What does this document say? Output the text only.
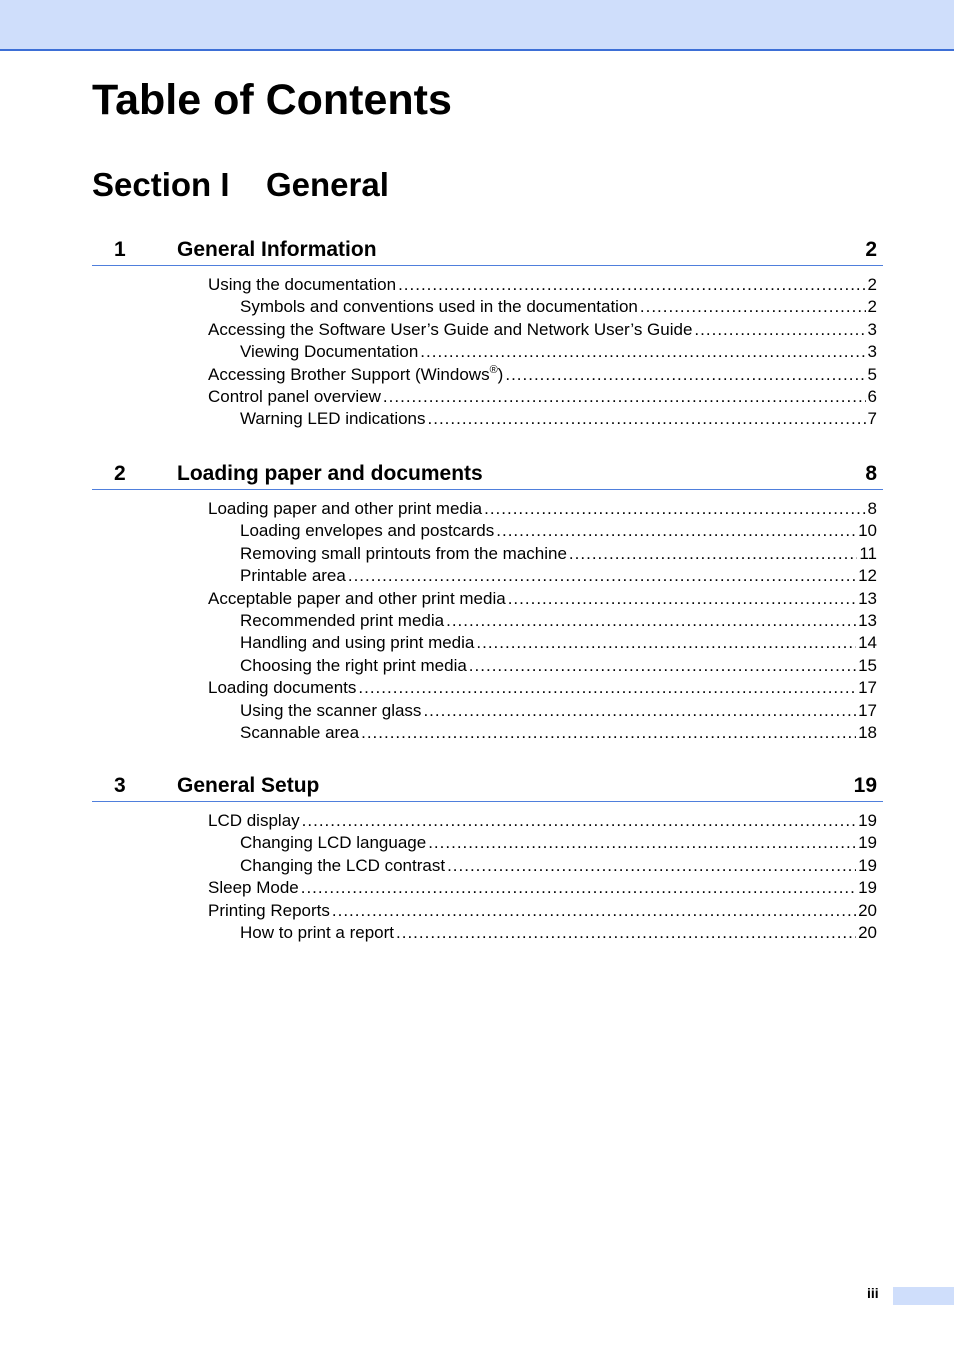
Table of Contents
Section I General
1 General Information	2
Using the documentation .....	2
Symbols and conventions used in the documentation .....	2
Accessing the Software User’s Guide and Network User’s Guide .....	3
Viewing Documentation .....	3
Accessing Brother Support (Windows®) .....	5
Control panel overview .....	6
Warning LED indications .....	7
2 Loading paper and documents	8
Loading paper and other print media .....	8
Loading envelopes and postcards .....	10
Removing small printouts from the machine .....	11
Printable area .....	12
Acceptable paper and other print media .....	13
Recommended print media .....	13
Handling and using print media .....	14
Choosing the right print media .....	15
Loading documents .....	17
Using the scanner glass .....	17
Scannable area .....	18
3 General Setup	19
LCD display .....	19
Changing LCD language .....	19
Changing the LCD contrast .....	19
Sleep Mode .....	19
Printing Reports .....	20
How to print a report .....	20
iii
